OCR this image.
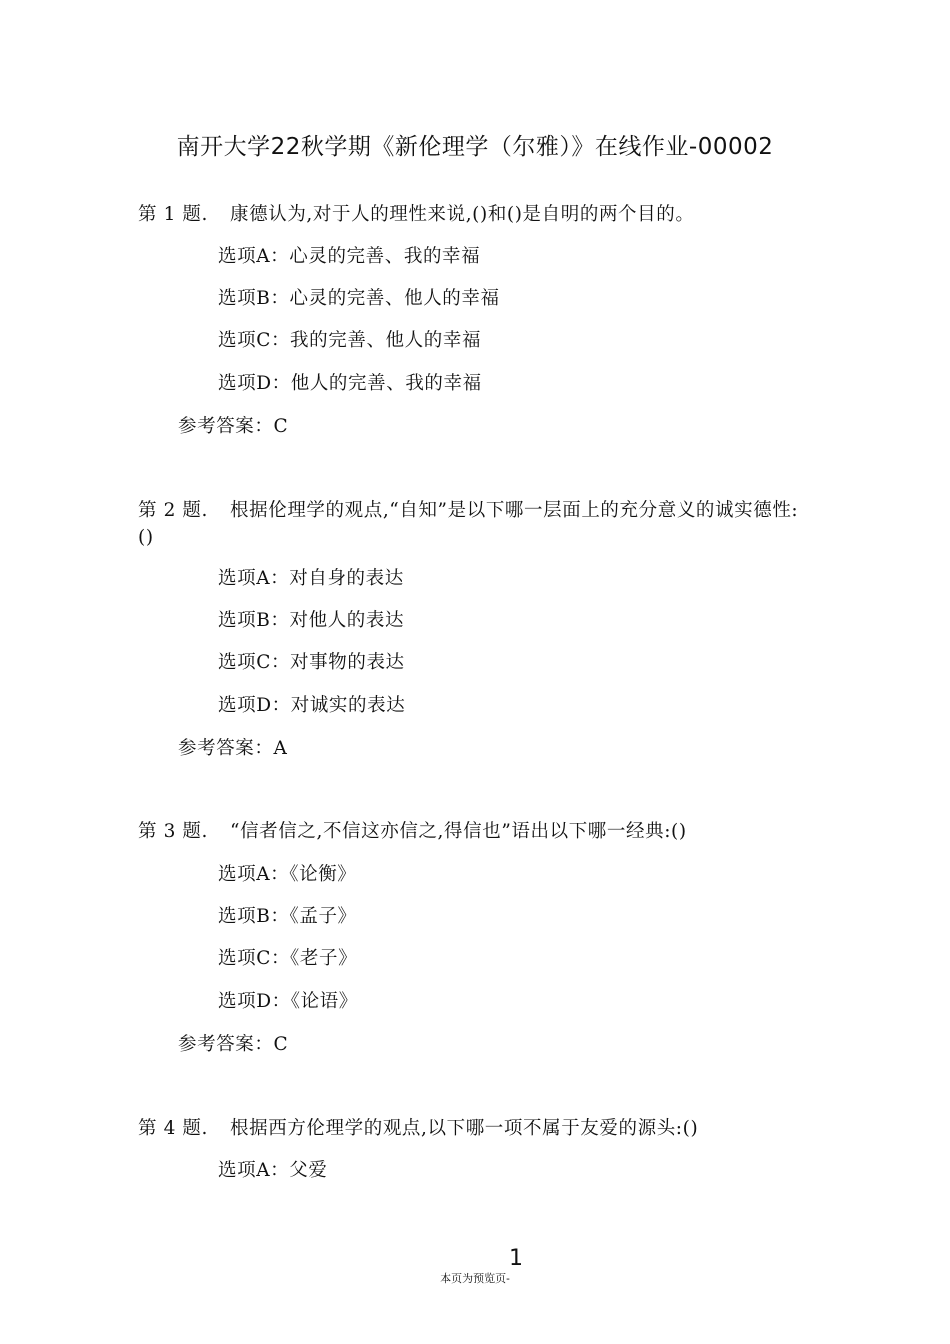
南开大学22秋学期《新伦理学（尔雅）》在线作业-00002
第 1 题. 康德认为,对于人的理性来说,()和()是自明的两个目的。
选项A：心灵的完善、我的幸福
选项B：心灵的完善、他人的幸福
选项C：我的完善、他人的幸福
选项D：他人的完善、我的幸福
参考答案：C
第 2 题. 根据伦理学的观点,“自知”是以下哪一层面上的充分意义的诚实德性:()
选项A：对自身的表达
选项B：对他人的表达
选项C：对事物的表达
选项D：对诚实的表达
参考答案：A
第 3 题. “信者信之,不信这亦信之,得信也”语出以下哪一经典:()
选项A：《论衡》
选项B：《孟子》
选项C：《老子》
选项D：《论语》
参考答案：C
第 4 题. 根据西方伦理学的观点,以下哪一项不属于友爱的源头:()
选项A：父爱
1
本页为预览页-
